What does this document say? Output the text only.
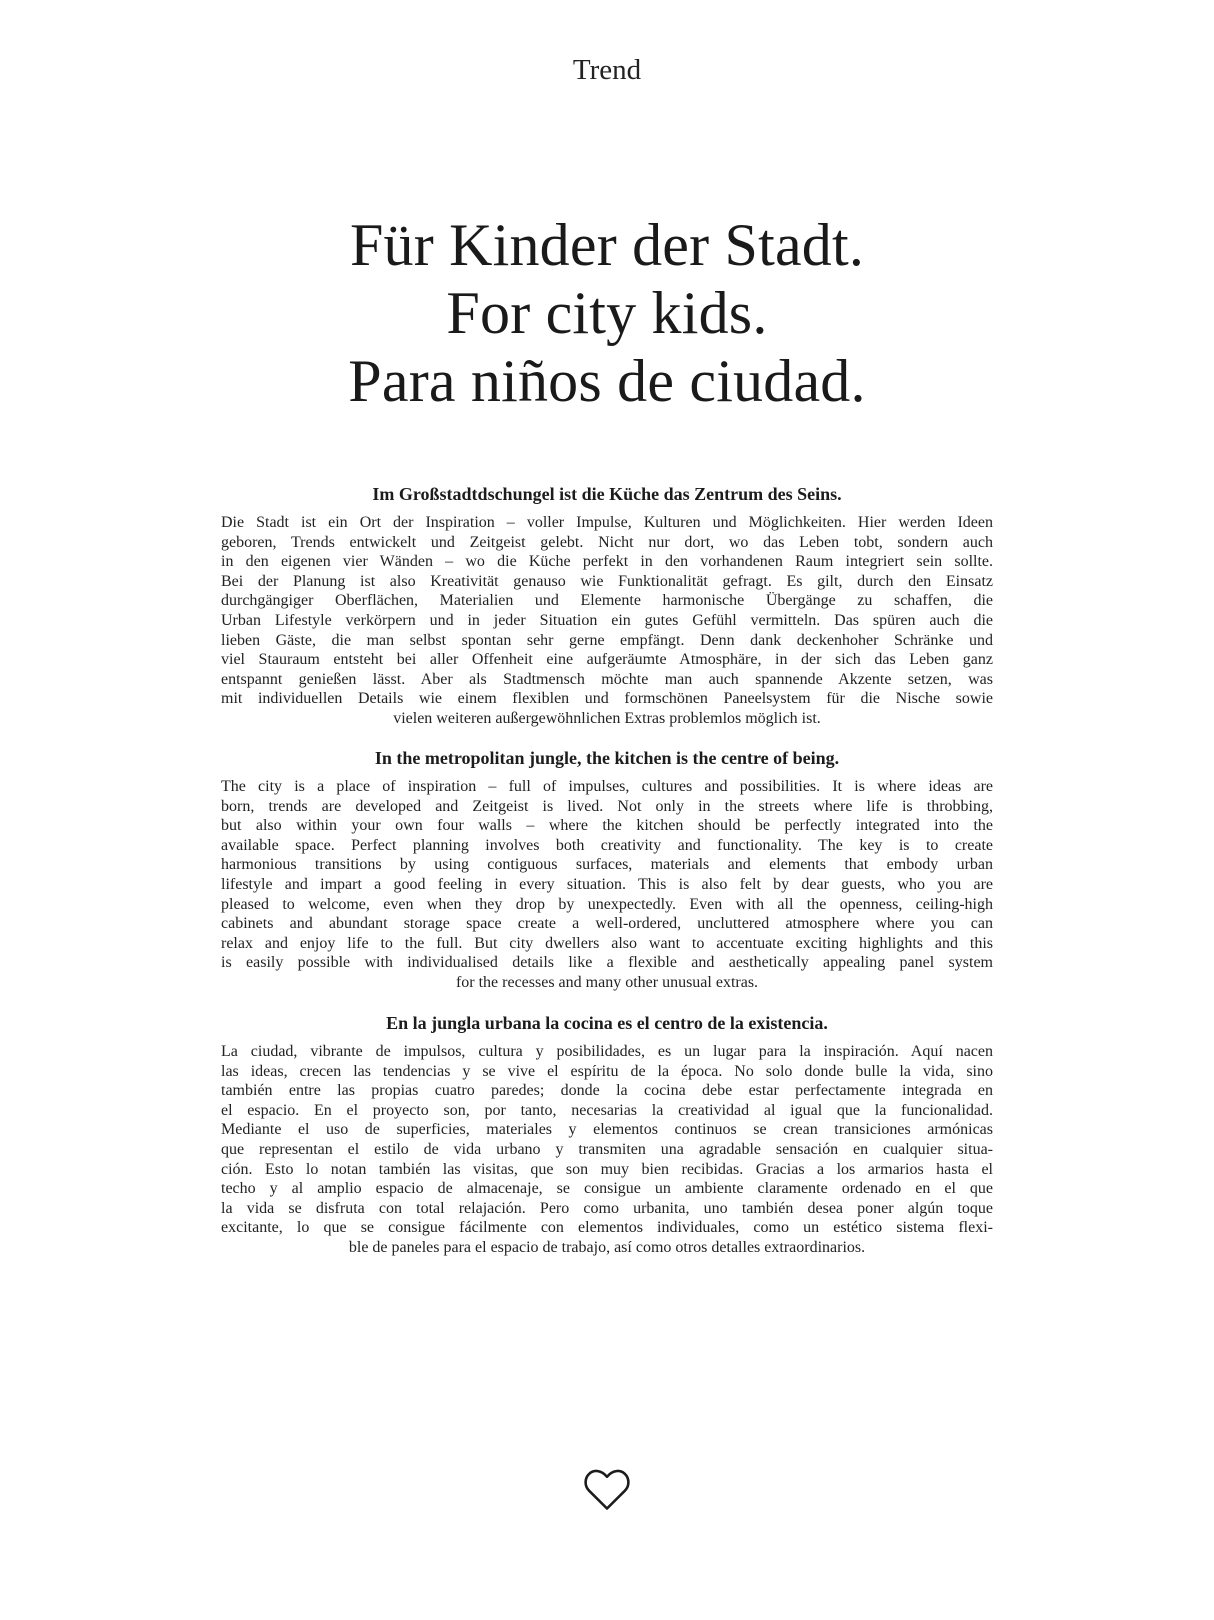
Trend
Für Kinder der Stadt.
For city kids.
Para niños de ciudad.
Im Großstadtdschungel ist die Küche das Zentrum des Seins.
Die Stadt ist ein Ort der Inspiration – voller Impulse, Kulturen und Möglichkeiten. Hier werden Ideen
geboren, Trends entwickelt und Zeitgeist gelebt. Nicht nur dort, wo das Leben tobt, sondern auch
in den eigenen vier Wänden – wo die Küche perfekt in den vorhandenen Raum integriert sein sollte.
Bei der Planung ist also Kreativität genauso wie Funktionalität gefragt. Es gilt, durch den Einsatz
durchgängiger Oberflächen, Materialien und Elemente harmonische Übergänge zu schaffen, die
Urban Lifestyle verkörpern und in jeder Situation ein gutes Gefühl vermitteln. Das spüren auch die
lieben Gäste, die man selbst spontan sehr gerne empfängt. Denn dank deckenhoher Schränke und
viel Stauraum entsteht bei aller Offenheit eine aufgeräumte Atmosphäre, in der sich das Leben ganz
entspannt genießen lässt. Aber als Stadtmensch möchte man auch spannende Akzente setzen, was
mit individuellen Details wie einem flexiblen und formschönen Paneelsystem für die Nische sowie
vielen weiteren außergewöhnlichen Extras problemlos möglich ist.
In the metropolitan jungle, the kitchen is the centre of being.
The city is a place of inspiration – full of impulses, cultures and possibilities. It is where ideas are
born, trends are developed and Zeitgeist is lived. Not only in the streets where life is throbbing,
but also within your own four walls – where the kitchen should be perfectly integrated into the
available space. Perfect planning involves both creativity and functionality. The key is to create
harmonious transitions by using contiguous surfaces, materials and elements that embody urban
lifestyle and impart a good feeling in every situation. This is also felt by dear guests, who you are
pleased to welcome, even when they drop by unexpectedly. Even with all the openness, ceiling-high
cabinets and abundant storage space create a well-ordered, uncluttered atmosphere where you can
relax and enjoy life to the full. But city dwellers also want to accentuate exciting highlights and this
is easily possible with individualised details like a flexible and aesthetically appealing panel system
for the recesses and many other unusual extras.
En la jungla urbana la cocina es el centro de la existencia.
La ciudad, vibrante de impulsos, cultura y posibilidades, es un lugar para la inspiración. Aquí nacen
las ideas, crecen las tendencias y se vive el espíritu de la época. No solo donde bulle la vida, sino
también entre las propias cuatro paredes; donde la cocina debe estar perfectamente integrada en
el espacio. En el proyecto son, por tanto, necesarias la creatividad al igual que la funcionalidad.
Mediante el uso de superficies, materiales y elementos continuos se crean transiciones armónicas
que representan el estilo de vida urbano y transmiten una agradable sensación en cualquier situa-
ción. Esto lo notan también las visitas, que son muy bien recibidas. Gracias a los armarios hasta el
techo y al amplio espacio de almacenaje, se consigue un ambiente claramente ordenado en el que
la vida se disfruta con total relajación. Pero como urbanita, uno también desea poner algún toque
excitante, lo que se consigue fácilmente con elementos individuales, como un estético sistema flexi-
ble de paneles para el espacio de trabajo, así como otros detalles extraordinarios.
